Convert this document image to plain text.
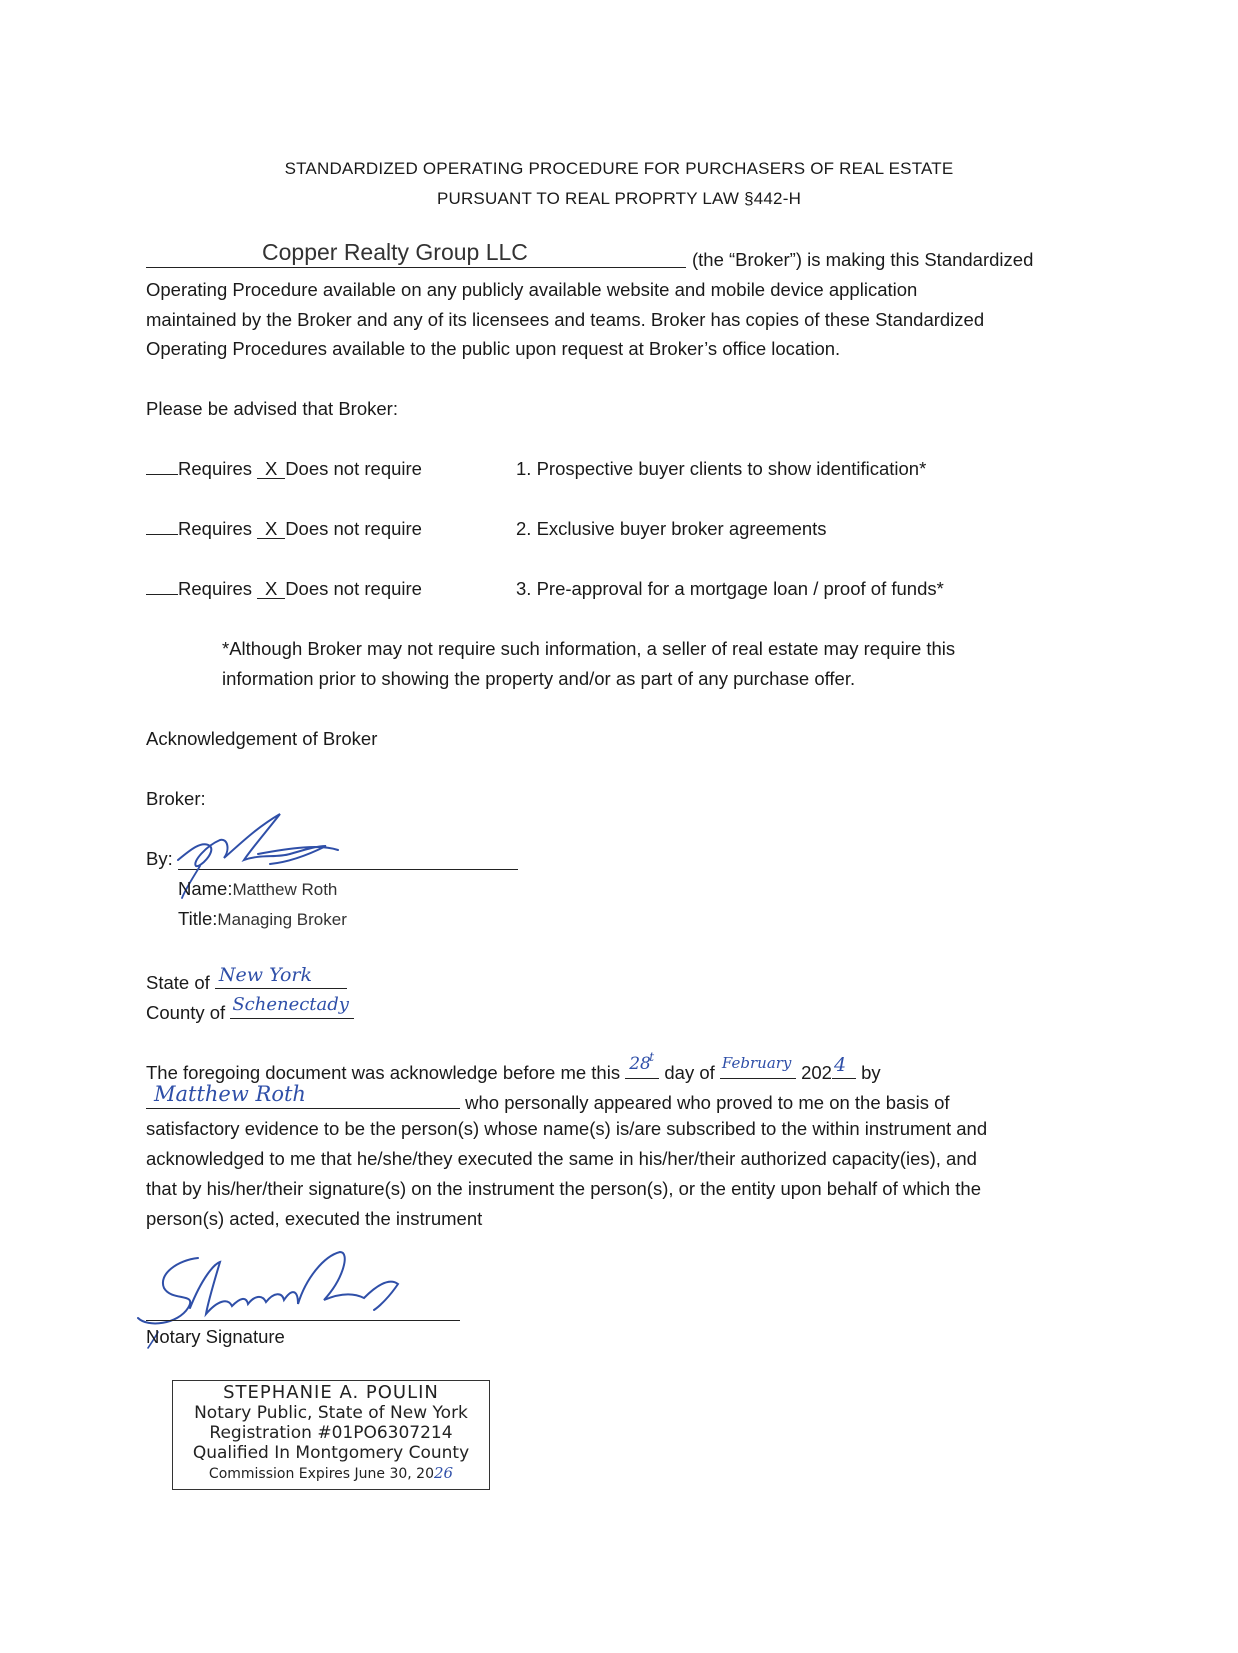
STANDARDIZED OPERATING PROCEDURE FOR PURCHASERS OF REAL ESTATE
PURSUANT TO REAL PROPRTY LAW §442-H
Copper Realty Group LLC	(the “Broker”) is making this Standardized
Operating Procedure available on any publicly available website and mobile device application
maintained by the Broker and any of its licensees and teams. Broker has copies of these Standardized
Operating Procedures available to the public upon request at Broker’s office location.
Please be advised that Broker:
Requires X Does not require	1. Prospective buyer clients to show identification*
Requires X Does not require	2. Exclusive buyer broker agreements
Requires X Does not require	3. Pre-approval for a mortgage loan / proof of funds*
*Although Broker may not require such information, a seller of real estate may require this
information prior to showing the property and/or as part of any purchase offer.
Acknowledgement of Broker
Broker:
By:
Name:Matthew Roth
Title:Managing Broker
State of New York
County of Schenectady
The foregoing document was acknowledge before me this 28
t
day of February 202 4 by
Matthew Roth	who personally appeared who proved to me on the basis of
satisfactory evidence to be the person(s) whose name(s) is/are subscribed to the within instrument and
acknowledged to me that he/she/they executed the same in his/her/their authorized capacity(ies), and
that by his/her/their signature(s) on the instrument the person(s), or the entity upon behalf of which the
person(s) acted, executed the instrument
Notary Signature
STEPHANIE A. POULIN
Notary Public, State of New York
Registration #01PO6307214
Qualified In Montgomery County
Commission Expires June 30, 2026
